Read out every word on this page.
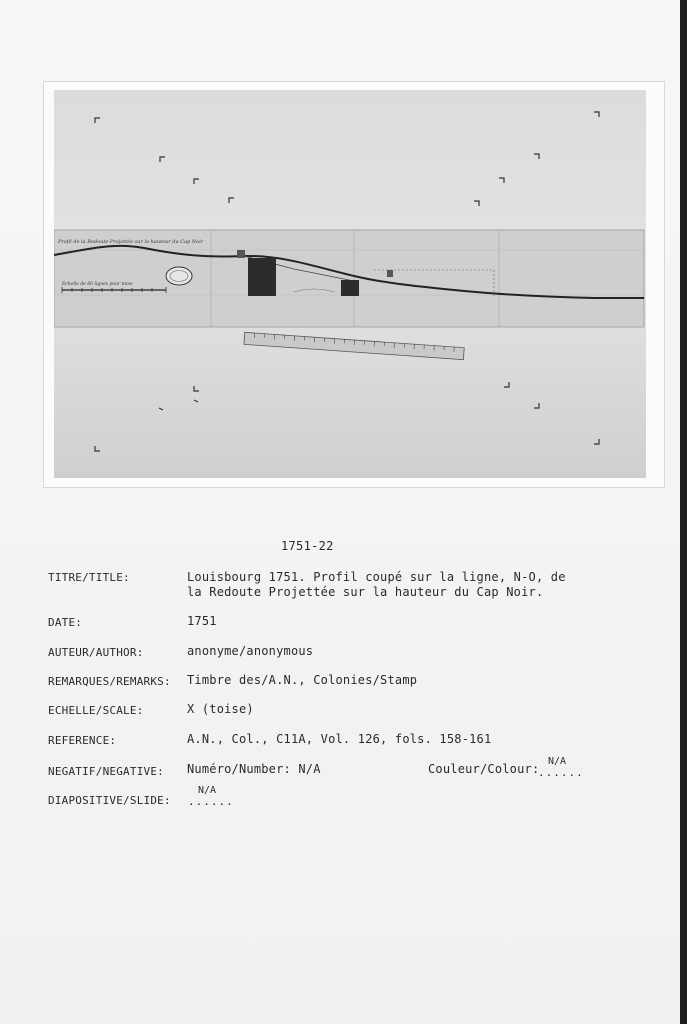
Profil de la Redoute Projettée sur la hauteur du Cap Noir
Echelle de 60 lignes pour toise
1751-22
TITRE/TITLE:	Louisbourg 1751. Profil coupé sur la ligne, N-O, de
la Redoute Projettée sur la hauteur du Cap Noir.
DATE:	1751
AUTEUR/AUTHOR:	anonyme/anonymous
REMARQUES/REMARKS: Timbre des/A.N., Colonies/Stamp
ECHELLE/SCALE:	X (toise)
REFERENCE:	A.N., Col., C11A, Vol. 126, fols. 158-161
NEGATIF/NEGATIVE: Numéro/Number: N/A	Couleur/Colour:
......
N/A
DIAPOSITIVE/SLIDE: ......
N/A
